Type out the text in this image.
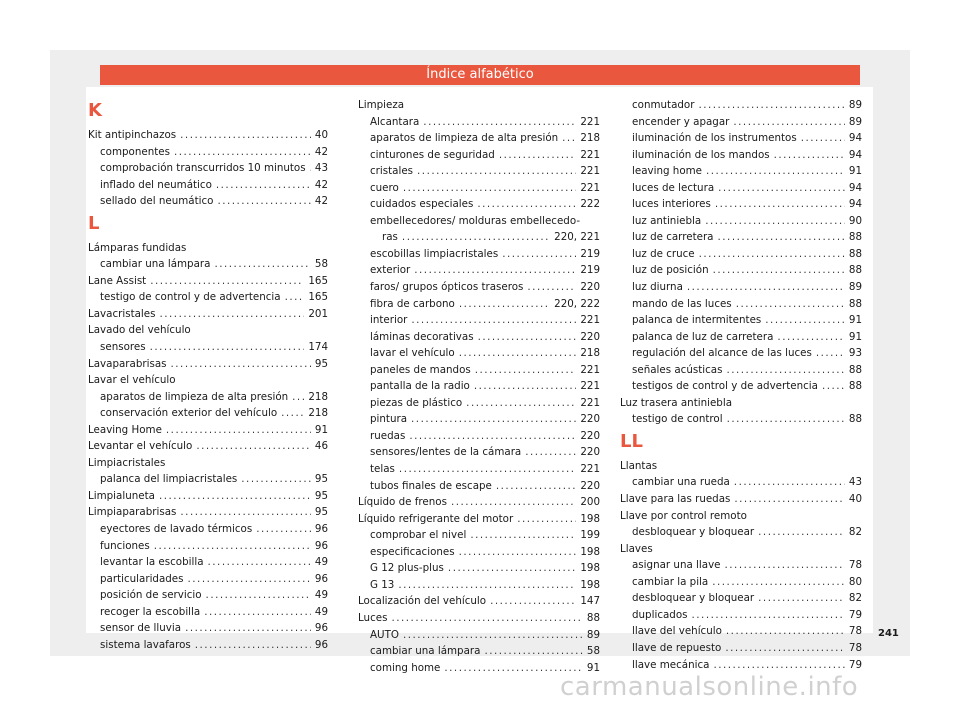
Índice alfabético
K
Kit antipinchazos .....	40
componentes .....	42
comprobación transcurridos 10 minutos ..... 43
inflado del neumático .....	42
sellado del neumático .....	42
L
Lámparas fundidas
cambiar una lámpara .....	58
Lane Assist .....	165
testigo de control y de advertencia .....	165
Lavacristales .....	201
Lavado del vehículo
sensores .....	174
Lavaparabrisas .....	95
Lavar el vehículo
aparatos de limpieza de alta presión ..... 218
conservación exterior del vehículo .....	218
Leaving Home .....	91
Levantar el vehículo .....	46
Limpiacristales
palanca del limpiacristales .....	95
Limpialuneta .....	95
Limpiaparabrisas .....	95
eyectores de lavado térmicos .....	96
funciones .....	96
levantar la escobilla .....	49
particularidades .....	96
posición de servicio .....	49
recoger la escobilla .....	49
sensor de lluvia .....	96
sistema lavafaros .....	96
Limpieza
Alcantara .....	221
aparatos de limpieza de alta presión ..... 218
cinturones de seguridad .....	221
cristales .....	221
cuero .....	221
cuidados especiales .....	222
embellecedores/ molduras embellecedo-
ras .....	220, 221
escobillas limpiacristales .....	219
exterior .....	219
faros/ grupos ópticos traseros .....	220
fibra de carbono .....	220, 222
interior .....	221
láminas decorativas .....	220
lavar el vehículo .....	218
paneles de mandos .....	221
pantalla de la radio .....	221
piezas de plástico .....	221
pintura .....	220
ruedas .....	220
sensores/lentes de la cámara .....	220
telas .....	221
tubos finales de escape .....	220
Líquido de frenos .....	200
Líquido refrigerante del motor .....	198
comprobar el nivel .....	199
especificaciones .....	198
G 12 plus-plus .....	198
G 13 .....	198
Localización del vehículo .....	147
Luces .....	88
AUTO .....	89
cambiar una lámpara .....	58
coming home .....	91
conmutador .....	89
encender y apagar .....	89
iluminación de los instrumentos .....	94
iluminación de los mandos .....	94
leaving home .....	91
luces de lectura .....	94
luces interiores .....	94
luz antiniebla .....	90
luz de carretera .....	88
luz de cruce .....	88
luz de posición .....	88
luz diurna .....	89
mando de las luces .....	88
palanca de intermitentes .....	91
palanca de luz de carretera .....	91
regulación del alcance de las luces .....	93
señales acústicas .....	88
testigos de control y de advertencia .....	88
Luz trasera antiniebla
testigo de control .....	88
LL
Llantas
cambiar una rueda .....	43
Llave para las ruedas .....	40
Llave por control remoto
desbloquear y bloquear .....	82
Llaves
asignar una llave .....	78
cambiar la pila .....	80
desbloquear y bloquear .....	82
duplicados .....	79
llave del vehículo .....	78
llave de repuesto .....	78
llave mecánica .....	79
241
carmanualsonline.info
